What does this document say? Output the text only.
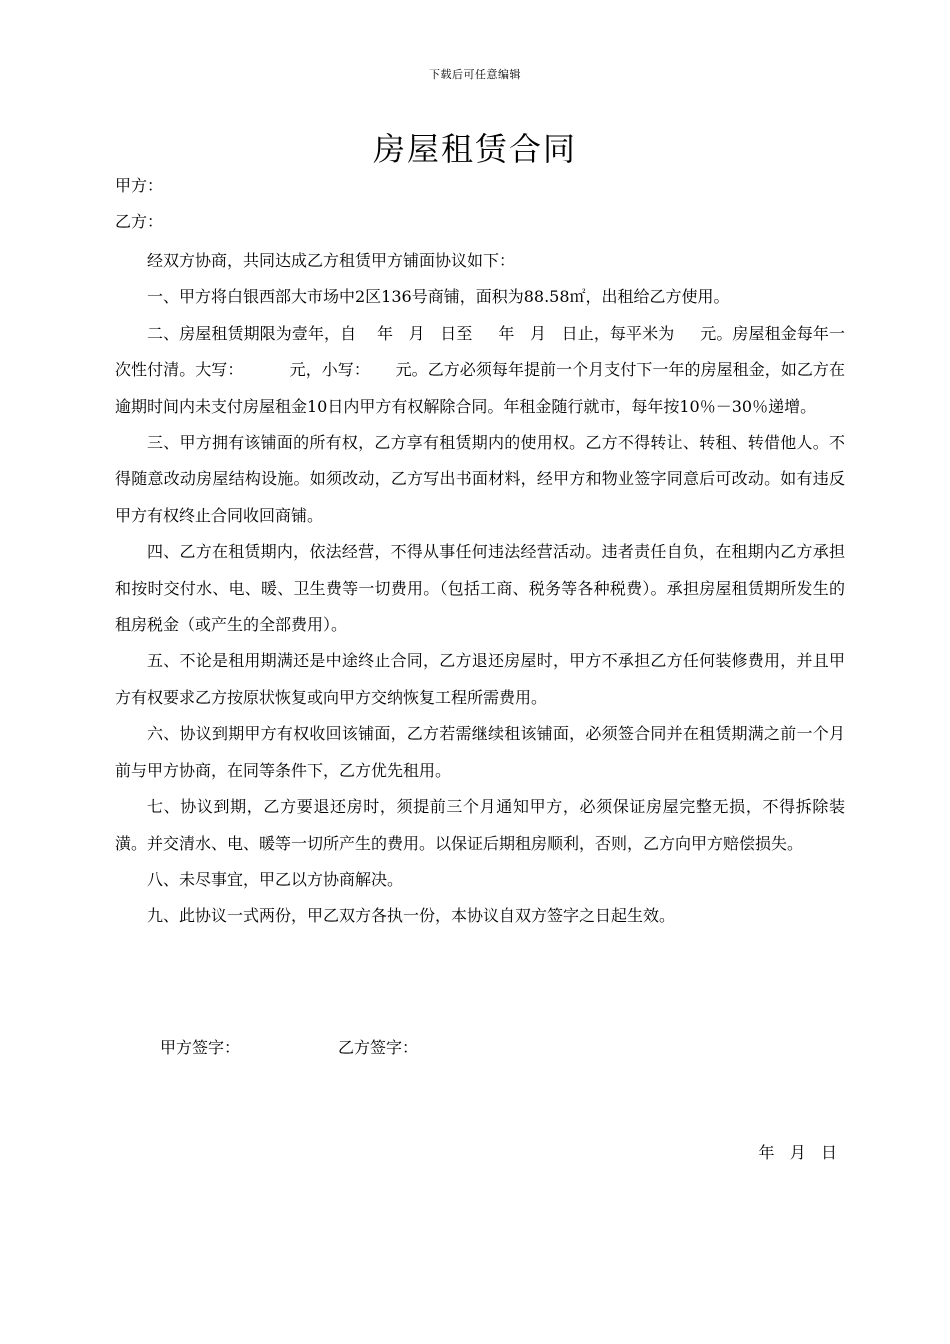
下载后可任意编辑
房屋租赁合同
甲方：
乙方：

经双方协商，共同达成乙方租赁甲方铺面协议如下：

一、甲方将白银西部大市场中2区136号商铺，面积为88.58㎡，出租给乙方使用。

二、房屋租赁期限为壹年，自    年   月   日至     年   月   日止，每平米为     元。房屋租金每年一次性付清。大写：         元，小写：     元。乙方必须每年提前一个月支付下一年的房屋租金，如乙方在逾期时间内未支付房屋租金10日内甲方有权解除合同。年租金随行就市，每年按10％－30％递增。

三、甲方拥有该铺面的所有权，乙方享有租赁期内的使用权。乙方不得转让、转租、转借他人。不得随意改动房屋结构设施。如须改动，乙方写出书面材料，经甲方和物业签字同意后可改动。如有违反甲方有权终止合同收回商铺。

四、乙方在租赁期内，依法经营，不得从事任何违法经营活动。违者责任自负，在租期内乙方承担和按时交付水、电、暖、卫生费等一切费用。（包括工商、税务等各种税费）。承担房屋租赁期所发生的租房税金（或产生的全部费用）。

五、不论是租用期满还是中途终止合同，乙方退还房屋时，甲方不承担乙方任何装修费用，并且甲方有权要求乙方按原状恢复或向甲方交纳恢复工程所需费用。

六、协议到期甲方有权收回该铺面，乙方若需继续租该铺面，必须签合同并在租赁期满之前一个月前与甲方协商，在同等条件下，乙方优先租用。

七、协议到期，乙方要退还房时，须提前三个月通知甲方，必须保证房屋完整无损，不得拆除装潢。并交清水、电、暖等一切所产生的费用。以保证后期租房顺利，否则，乙方向甲方赔偿损失。

八、未尽事宜，甲乙以方协商解决。

九、此协议一式两份，甲乙双方各执一份，本协议自双方签字之日起生效。

甲方签字：	乙方签字：
年   月   日
